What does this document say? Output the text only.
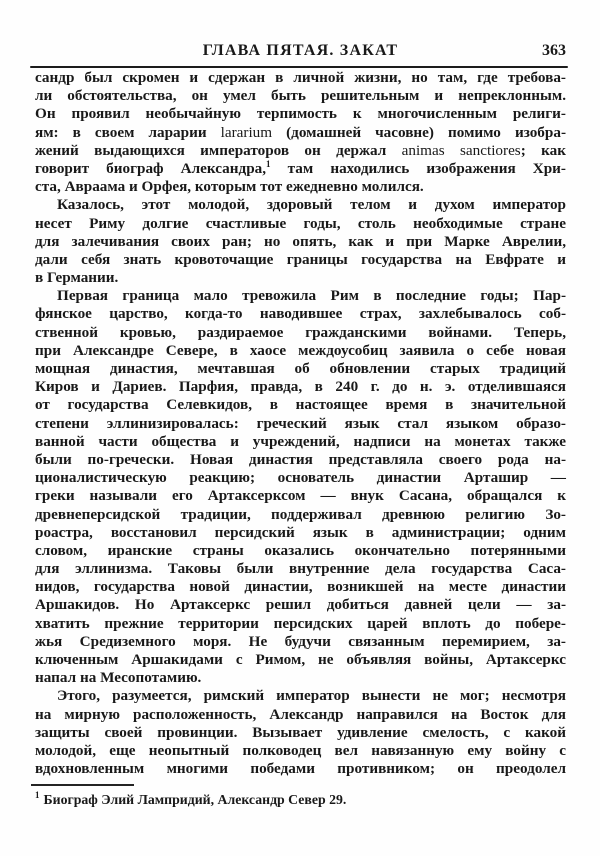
ГЛАВА ПЯТАЯ. ЗАКАТ	363
сандр был скромен и сдержан в личной жизни, но там, где требова-
ли обстоятельства, он умел быть решительным и непреклонным.
Он проявил необычайную терпимость к многочисленным религи-
ям: в своем ларарии lararium (домашней часовне) помимо изобра-
жений выдающихся императоров он держал animas sanctiores; как
говорит биограф Александра,$^1$ там находились изображения Хри-
ста, Авраама и Орфея, которым тот ежедневно молился.
Казалось, этот молодой, здоровый телом и духом император
несет Риму долгие счастливые годы, столь необходимые стране
для залечивания своих ран; но опять, как и при Марке Аврелии,
дали себя знать кровоточащие границы государства на Евфрате и
в Германии.
Первая граница мало тревожила Рим в последние годы; Пар-
фянское царство, когда-то наводившее страх, захлебывалось соб-
ственной кровью, раздираемое гражданскими войнами. Теперь,
при Александре Севере, в хаосе междоусобиц заявила о себе новая
мощная династия, мечтавшая об обновлении старых традиций
Киров и Дариев. Парфия, правда, в 240 г. до н. э. отделившаяся
от государства Селевкидов, в настоящее время в значительной
степени эллинизировалась: греческий язык стал языком образо-
ванной части общества и учреждений, надписи на монетах также
были по-гречески. Новая династия представляла своего рода на-
ционалистическую реакцию; основатель династии Арташир —
греки называли его Артаксерксом — внук Сасана, обращался к
древнеперсидской традиции, поддерживал древнюю религию Зо-
роастра, восстановил персидский язык в администрации; одним
словом, иранские страны оказались окончательно потерянными
для эллинизма. Таковы были внутренние дела государства Саса-
нидов, государства новой династии, возникшей на месте династии
Аршакидов. Но Артаксеркс решил добиться давней цели — за-
хватить прежние территории персидских царей вплоть до побере-
жья Средиземного моря. Не будучи связанным перемирием, за-
ключенным Аршакидами с Римом, не объявляя войны, Артаксеркс
напал на Месопотамию.
Этого, разумеется, римский император вынести не мог; несмотря
на мирную расположенность, Александр направился на Восток для
защиты своей провинции. Вызывает удивление смелость, с какой
молодой, еще неопытный полководец вел навязанную ему войну с
вдохновленным многими победами противником; он преодолел
$^1$ Биограф Элий Лампридий, Александр Север 29.
